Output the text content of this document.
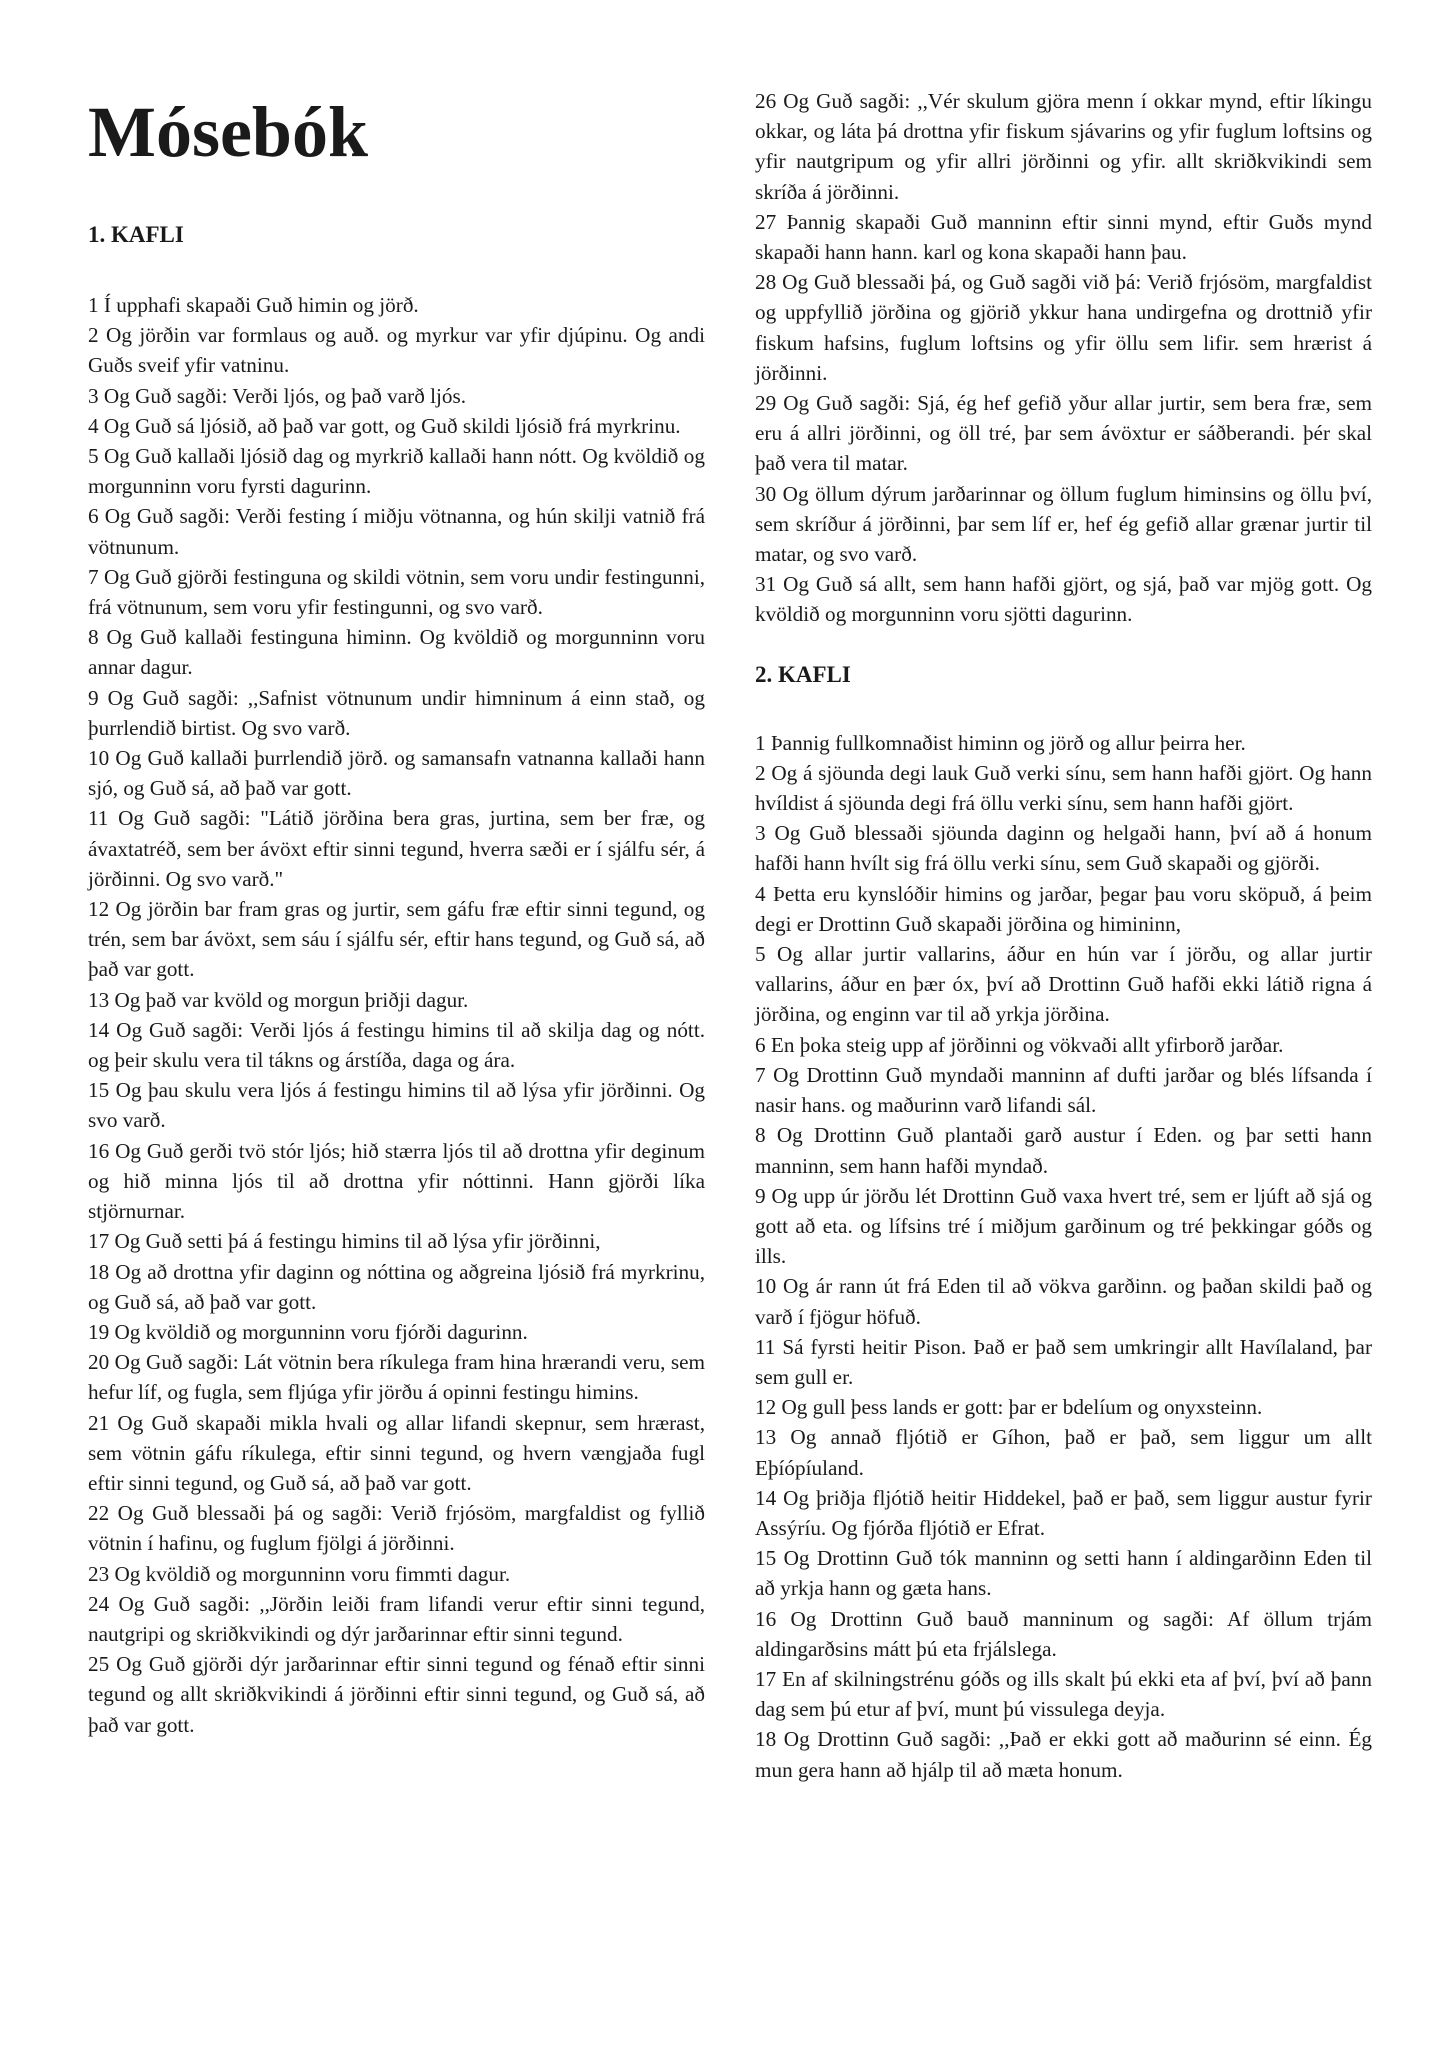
Mósebók
1. KAFLI

1 Í upphafi skapaði Guð himin og jörð.

2 Og jörðin var formlaus og auð. og myrkur var yfir djúpinu. Og andi Guðs sveif yfir vatninu.

3 Og Guð sagði: Verði ljós, og það varð ljós.

4 Og Guð sá ljósið, að það var gott, og Guð skildi ljósið frá myrkrinu.

5 Og Guð kallaði ljósið dag og myrkrið kallaði hann nótt. Og kvöldið og morgunninn voru fyrsti dagurinn.

6 Og Guð sagði: Verði festing í miðju vötnanna, og hún skilji vatnið frá vötnunum.

7 Og Guð gjörði festinguna og skildi vötnin, sem voru undir festingunni, frá vötnunum, sem voru yfir festingunni, og svo varð.

8 Og Guð kallaði festinguna himinn. Og kvöldið og morgunninn voru annar dagur.

9 Og Guð sagði: ,,Safnist vötnunum undir himninum á einn stað, og þurrlendið birtist. Og svo varð.

10 Og Guð kallaði þurrlendið jörð. og samansafn vatnanna kallaði hann sjó, og Guð sá, að það var gott.

11 Og Guð sagði: "Látið jörðina bera gras, jurtina, sem ber fræ, og ávaxtatréð, sem ber ávöxt eftir sinni tegund, hverra sæði er í sjálfu sér, á jörðinni. Og svo varð."

12 Og jörðin bar fram gras og jurtir, sem gáfu fræ eftir sinni tegund, og trén, sem bar ávöxt, sem sáu í sjálfu sér, eftir hans tegund, og Guð sá, að það var gott.

13 Og það var kvöld og morgun þriðji dagur.

14 Og Guð sagði: Verði ljós á festingu himins til að skilja dag og nótt. og þeir skulu vera til tákns og árstíða, daga og ára.

15 Og þau skulu vera ljós á festingu himins til að lýsa yfir jörðinni. Og svo varð.

16 Og Guð gerði tvö stór ljós; hið stærra ljós til að drottna yfir deginum og hið minna ljós til að drottna yfir nóttinni. Hann gjörði líka stjörnurnar.

17 Og Guð setti þá á festingu himins til að lýsa yfir jörðinni,

18 Og að drottna yfir daginn og nóttina og aðgreina ljósið frá myrkrinu, og Guð sá, að það var gott.

19 Og kvöldið og morgunninn voru fjórði dagurinn.

20 Og Guð sagði: Lát vötnin bera ríkulega fram hina hrærandi veru, sem hefur líf, og fugla, sem fljúga yfir jörðu á opinni festingu himins.

21 Og Guð skapaði mikla hvali og allar lifandi skepnur, sem hrærast, sem vötnin gáfu ríkulega, eftir sinni tegund, og hvern vængjaða fugl eftir sinni tegund, og Guð sá, að það var gott.

22 Og Guð blessaði þá og sagði: Verið frjósöm, margfaldist og fyllið vötnin í hafinu, og fuglum fjölgi á jörðinni.

23 Og kvöldið og morgunninn voru fimmti dagur.

24 Og Guð sagði: ,,Jörðin leiði fram lifandi verur eftir sinni tegund, nautgripi og skriðkvikindi og dýr jarðarinnar eftir sinni tegund.

25 Og Guð gjörði dýr jarðarinnar eftir sinni tegund og fénað eftir sinni tegund og allt skriðkvikindi á jörðinni eftir sinni tegund, og Guð sá, að það var gott.

26 Og Guð sagði: ,,Vér skulum gjöra menn í okkar mynd, eftir líkingu okkar, og láta þá drottna yfir fiskum sjávarins og yfir fuglum loftsins og yfir nautgripum og yfir allri jörðinni og yfir. allt skriðkvikindi sem skríða á jörðinni.

27 Þannig skapaði Guð manninn eftir sinni mynd, eftir Guðs mynd skapaði hann hann. karl og kona skapaði hann þau.

28 Og Guð blessaði þá, og Guð sagði við þá: Verið frjósöm, margfaldist og uppfyllið jörðina og gjörið ykkur hana undirgefna og drottnið yfir fiskum hafsins, fuglum loftsins og yfir öllu sem lifir. sem hrærist á jörðinni.

29 Og Guð sagði: Sjá, ég hef gefið yður allar jurtir, sem bera fræ, sem eru á allri jörðinni, og öll tré, þar sem ávöxtur er sáðberandi. þér skal það vera til matar.

30 Og öllum dýrum jarðarinnar og öllum fuglum himinsins og öllu því, sem skríður á jörðinni, þar sem líf er, hef ég gefið allar grænar jurtir til matar, og svo varð.

31 Og Guð sá allt, sem hann hafði gjört, og sjá, það var mjög gott. Og kvöldið og morgunninn voru sjötti dagurinn.

2. KAFLI

1 Þannig fullkomnaðist himinn og jörð og allur þeirra her.

2 Og á sjöunda degi lauk Guð verki sínu, sem hann hafði gjört. Og hann hvíldist á sjöunda degi frá öllu verki sínu, sem hann hafði gjört.

3 Og Guð blessaði sjöunda daginn og helgaði hann, því að á honum hafði hann hvílt sig frá öllu verki sínu, sem Guð skapaði og gjörði.

4 Þetta eru kynslóðir himins og jarðar, þegar þau voru sköpuð, á þeim degi er Drottinn Guð skapaði jörðina og himininn,

5 Og allar jurtir vallarins, áður en hún var í jörðu, og allar jurtir vallarins, áður en þær óx, því að Drottinn Guð hafði ekki látið rigna á jörðina, og enginn var til að yrkja jörðina.

6 En þoka steig upp af jörðinni og vökvaði allt yfirborð jarðar.

7 Og Drottinn Guð myndaði manninn af dufti jarðar og blés lífsanda í nasir hans. og maðurinn varð lifandi sál.

8 Og Drottinn Guð plantaði garð austur í Eden. og þar setti hann manninn, sem hann hafði myndað.

9 Og upp úr jörðu lét Drottinn Guð vaxa hvert tré, sem er ljúft að sjá og gott að eta. og lífsins tré í miðjum garðinum og tré þekkingar góðs og ills.

10 Og ár rann út frá Eden til að vökva garðinn. og þaðan skildi það og varð í fjögur höfuð.

11 Sá fyrsti heitir Pison. Það er það sem umkringir allt Havílaland, þar sem gull er.

12 Og gull þess lands er gott: þar er bdelíum og onyxsteinn.

13 Og annað fljótið er Gíhon, það er það, sem liggur um allt Eþíópíuland.

14 Og þriðja fljótið heitir Hiddekel, það er það, sem liggur austur fyrir Assýríu. Og fjórða fljótið er Efrat.

15 Og Drottinn Guð tók manninn og setti hann í aldingarðinn Eden til að yrkja hann og gæta hans.

16 Og Drottinn Guð bauð manninum og sagði: Af öllum trjám aldingarðsins mátt þú eta frjálslega.

17 En af skilningstrénu góðs og ills skalt þú ekki eta af því, því að þann dag sem þú etur af því, munt þú vissulega deyja.

18 Og Drottinn Guð sagði: ,,Það er ekki gott að maðurinn sé einn. Ég mun gera hann að hjálp til að mæta honum.
